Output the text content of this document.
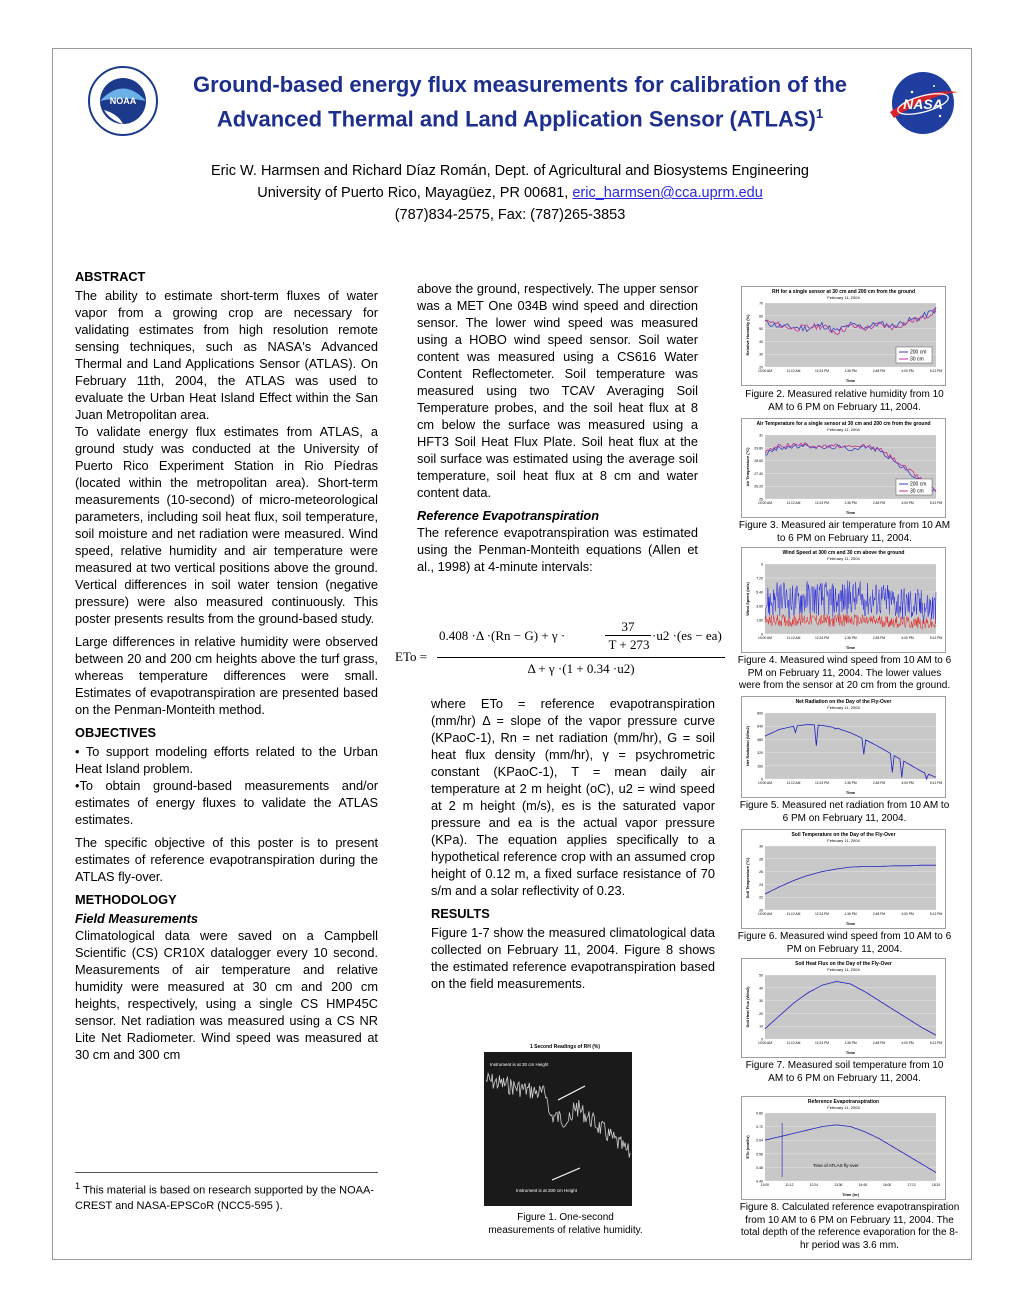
NOAA	NASA
Ground-based energy flux measurements for calibration of the
Advanced Thermal and Land Application Sensor (ATLAS)$^1$
Eric W. Harmsen and Richard Díaz Román, Dept. of Agricultural and Biosystems Engineering
University of Puerto Rico, Mayagüez, PR 00681, eric_harmsen@cca.uprm.edu
(787)834-2575, Fax: (787)265-3853
ABSTRACT

The ability to estimate short-term fluxes of water vapor from a growing crop are necessary for validating estimates from high resolution remote sensing techniques, such as NASA's Advanced Thermal and Land Applications Sensor (ATLAS). On February 11th, 2004, the ATLAS was used to evaluate the Urban Heat Island Effect within the San Juan Metropolitan area.

To validate energy flux estimates from ATLAS, a ground study was conducted at the University of Puerto Rico Experiment Station in Rio Píedras (located within the metropolitan area). Short-term measurements (10-second) of micro-meteorological parameters, including soil heat flux, soil temperature, soil moisture and net radiation were measured. Wind speed, relative humidity and air temperature were measured at two vertical positions above the ground. Vertical differences in soil water tension (negative pressure) were also measured continuously. This poster presents results from the ground-based study.

Large differences in relative humidity were observed between 20 and 200 cm heights above the turf grass, whereas temperature differences were small. Estimates of evapotranspiration are presented based on the Penman-Monteith method.

OBJECTIVES

• To support modeling efforts related to the Urban Heat Island problem.

•To obtain ground-based measurements and/or estimates of energy fluxes to validate the ATLAS estimates.

The specific objective of this poster is to present estimates of reference evapotranspiration during the ATLAS fly-over.

METHODOLOGY
Field Measurements

Climatological data were saved on a Campbell Scientific (CS) CR10X datalogger every 10 second. Measurements of air temperature and relative humidity were measured at 30 cm and 200 cm heights, respectively, using a single CS HMP45C sensor. Net radiation was measured using a CS NR Lite Net Radiometer. Wind speed was measured at 30 cm and 300 cm

$^1$ This material is based on research supported by the NOAA-CREST and NASA-EPSCoR (NCC5-595 ).

above the ground, respectively. The upper sensor was a MET One 034B wind speed and direction sensor. The lower wind speed was measured using a HOBO wind speed sensor. Soil water content was measured using a CS616 Water Content Reflectometer. Soil temperature was measured using two TCAV Averaging Soil Temperature probes, and the soil heat flux at 8 cm below the surface was measured using a HFT3 Soil Heat Flux Plate. Soil heat flux at the soil surface was estimated using the average soil temperature, soil heat flux at 8 cm and water content data.

Reference Evapotranspiration

The reference evapotranspiration was estimated using the Penman-Monteith equations (Allen et al., 1998) at 4-minute intervals:

ETo =
0.408 ·Δ ·(Rn − G) + γ ·
37
T + 273
·u2 ·(es − ea)
Δ + γ ·(1 + 0.34 ·u2)

where ETo = reference evapotranspiration (mm/hr) Δ = slope of the vapor pressure curve (KPaoC-1), Rn = net radiation (mm/hr), G = soil heat flux density (mm/hr), γ = psychrometric constant (KPaoC-1), T = mean daily air temperature at 2 m height (oC), u2 = wind speed at 2 m height (m/s), es is the saturated vapor pressure and ea is the actual vapor pressure (KPa). The equation applies specifically to a hypothetical reference crop with an assumed crop height of 0.12 m, a fixed surface resistance of 70 s/m and a solar reflectivity of 0.23.

RESULTS

Figure 1-7 show the measured climatological data collected on February 11, 2004. Figure 8 shows the estimated reference evapotranspiration based on the field measurements.

1 Second Readings of RH (%)
Instrument is at 30 cm Height
Instrument is at 200 cm Height
Figure 1. One-second measurements of relative humidity.
RH for a single sensor at 30 cm and 200 cm from the ground
February 11, 2004
20
30
40
50
60
70
10:00 AM	11:12 AM	12:24 PM	1:36 PM	2:48 PM	4:00 PM	5:12 PM
Time
Relative Humidity (%)	200 cm
30 cm
Air Temperature for a single sensor at 30 cm and 200 cm from the ground
February 11, 2004
25
26.20
27.40
28.60
29.80
31
10:00 AM	11:12 AM	12:24 PM	1:36 PM	2:48 PM	4:00 PM	5:12 PM
Time
Air Temperature (°C)	200 cm
30 cm
Wind Speed at 300 cm and 30 cm above the ground
February 11, 2004
0
1.80
3.60
5.40
7.20
9
10:00 AM	11:12 AM	12:24 PM	1:36 PM	2:48 PM	4:00 PM	5:12 PM
Time
Wind Speed (m/s)
Net Radiation on the Day of the Fly-Over
February 11, 2004
0
160
320
480
640
800
10:00 AM	11:12 AM	12:24 PM	1:36 PM	2:48 PM	4:00 PM	5:12 PM
Time
Net Radiation (W/m2)
Soil Temperature on the Day of the Fly-Over
February 11, 2004
20
22
24
26
28
30
10:00 AM	11:12 AM	12:24 PM	1:36 PM	2:48 PM	4:00 PM	5:12 PM
Time
Soil Temperature (°C)
Soil Heat Flux on the Day of the Fly-Over
February 11, 2004
0
10
20
30
40
50
10:00 AM	11:12 AM	12:24 PM	1:36 PM	2:48 PM	4:00 PM	5:12 PM
Time
Soil Heat Flux (W/m2)
Reference Evapotranspiration
February 11, 2004
0.40
0.48
0.56
0.64
0.72
0.80
10:00	11:12	12:24	13:36	14:48	16:00	17:12	18:24
Time (hr)
ETo (mm/hr)
Time of ATLAS fly-over
Figure 2. Measured relative humidity from 10 AM to 6 PM on February 11, 2004.
Figure 3. Measured air temperature from 10 AM to 6 PM on February 11, 2004.
Figure 4. Measured wind speed from 10 AM to 6 PM on February 11, 2004. The lower values were from the sensor at 20 cm from the ground.
Figure 5. Measured net radiation from 10 AM to 6 PM on February 11, 2004.
Figure 6. Measured wind speed from 10 AM to 6 PM on February 11, 2004.
Figure 7. Measured soil temperature from 10 AM to 6 PM on February 11, 2004.
Figure 8. Calculated reference evapotranspiration from 10 AM to 6 PM on February 11, 2004. The total depth of the reference evaporation for the 8-hr period was 3.6 mm.
